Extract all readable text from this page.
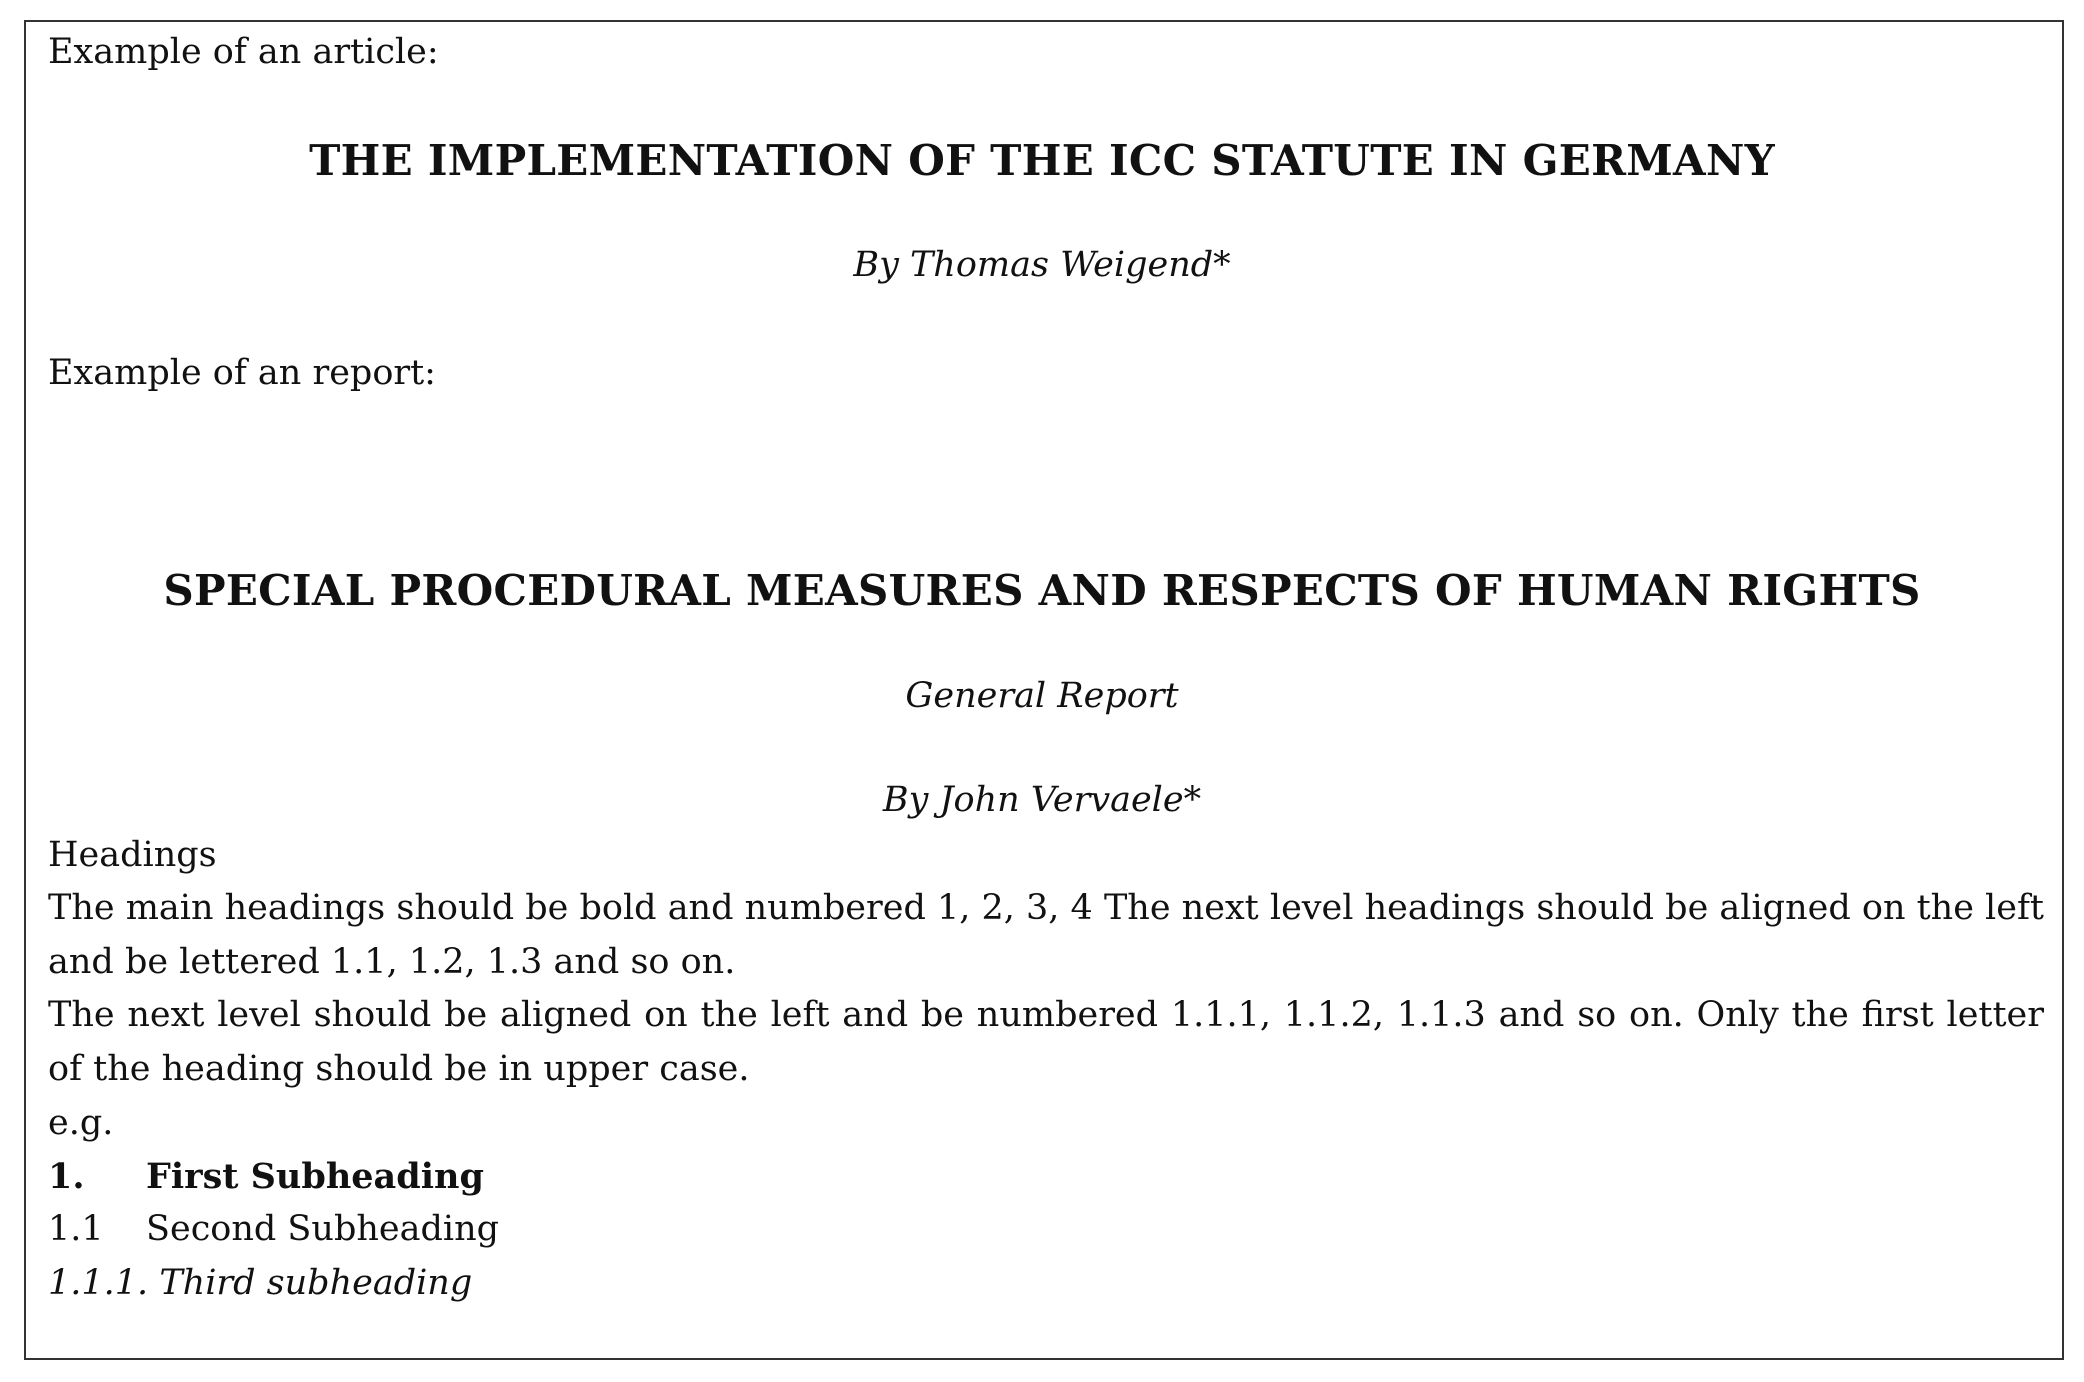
Example of an article:
THE IMPLEMENTATION OF THE ICC STATUTE IN GERMANY
By Thomas Weigend*
Example of an report:
SPECIAL PROCEDURAL MEASURES AND RESPECTS OF HUMAN RIGHTS
General Report
By John Vervaele*
Headings
The main headings should be bold and numbered 1, 2, 3, 4 The next level headings should be aligned on the left and be lettered 1.1, 1.2, 1.3 and so on.
The next level should be aligned on the left and be numbered 1.1.1, 1.1.2, 1.1.3 and so on. Only the first letter of the heading should be in upper case.
e.g.
1. First Subheading
1.1 Second Subheading
1.1.1. Third subheading
